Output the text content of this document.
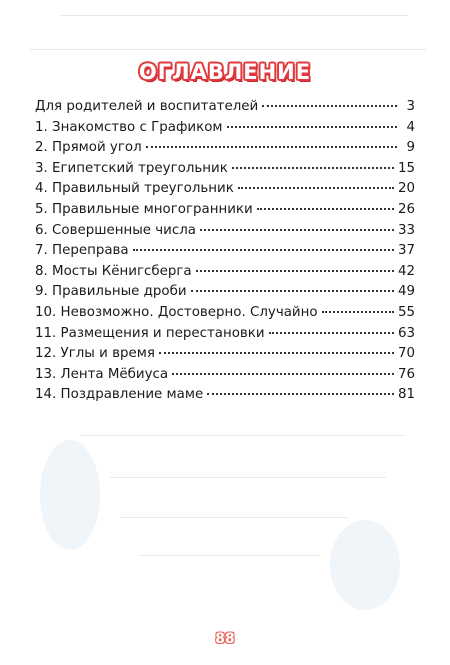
―――――――――――――――――――――――――――――
―――――――――――――――――――――――――――――――――
―――――――――――――――――――――――――――
―――――――――――――――――――――――
―――――――――――――――――――
―――――――――――――――
ОГЛАВЛЕНИЕ
Для родителей и воспитателей	3
1. Знакомство с Графиком	4
2. Прямой угол	9
3. Египетский треугольник	15
4. Правильный треугольник	20
5. Правильные многогранники	26
6. Совершенные числа	33
7. Переправа	37
8. Мосты Кёнигсберга	42
9. Правильные дроби	49
10. Невозможно. Достоверно. Случайно	55
11. Размещения и перестановки	63
12. Углы и время	70
13. Лента Мёбиуса	76
14. Поздравление маме	81
88
